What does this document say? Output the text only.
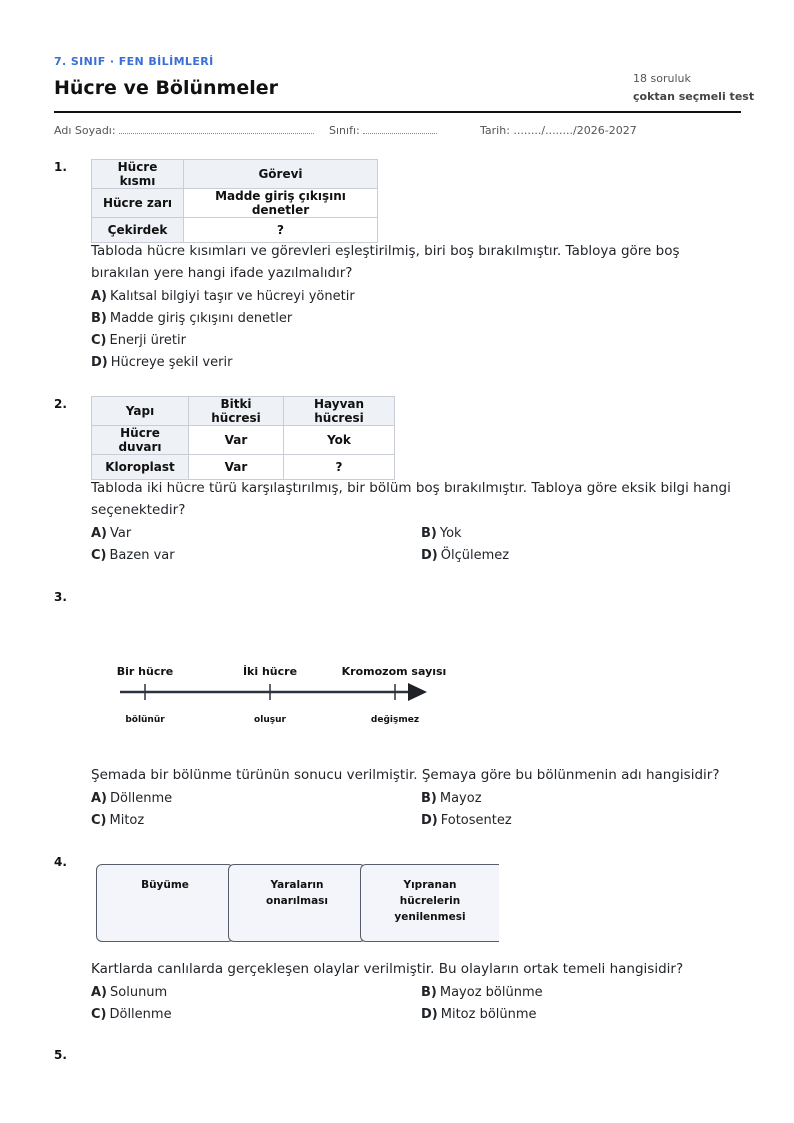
7. SINIF · FEN BİLİMLERİ
Hücre ve Bölünmeler	18 soruluk
çoktan seçmeli test
Adı Soyadı:	Sınıfı:	Tarih: ......../......../2026-2027
1.	Hücre kısmı	Görevi
Hücre zarı	Madde giriş çıkışını denetler
Çekirdek	?
Tabloda hücre kısımları ve görevleri eşleştirilmiş, biri boş bırakılmıştır. Tabloya göre boş bırakılan yere hangi ifade yazılmalıdır?
A) Kalıtsal bilgiyi taşır ve hücreyi yönetir
B) Madde giriş çıkışını denetler
C) Enerji üretir
D) Hücreye şekil verir
2.	Yapı	Bitki hücresi	Hayvan hücresi
Hücre duvarı	Var	Yok
Kloroplast	Var	?
Tabloda iki hücre türü karşılaştırılmış, bir bölüm boş bırakılmıştır. Tabloya göre eksik bilgi hangi seçenektedir?
A) Var	B) Yok
C) Bazen var	D) Ölçülemez
3.
Bir hücre	İki hücre	Kromozom sayısı
bölünür	oluşur	değişmez
Şemada bir bölünme türünün sonucu verilmiştir. Şemaya göre bu bölünmenin adı hangisidir?
A) Döllenme	B) Mayoz
C) Mitoz	D) Fotosentez
4.
Büyüme	Yaraların onarılması
Yıpranan hücrelerin yenilenmesi
Kartlarda canlılarda gerçekleşen olaylar verilmiştir. Bu olayların ortak temeli hangisidir?
A) Solunum	B) Mayoz bölünme
C) Döllenme	D) Mitoz bölünme
5.
